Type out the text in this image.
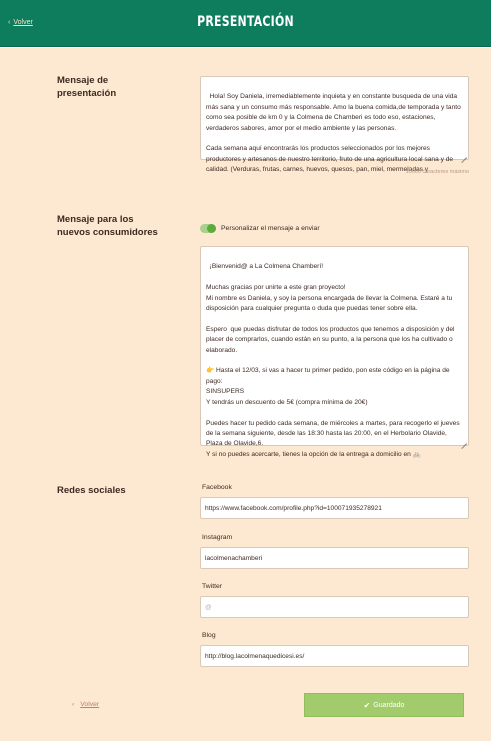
‹ Volver	PRESENTACIÓN
Mensaje de presentación	Hola! Soy Daniela, irremediablemente inquieta y en constante busqueda de una vida más sana y un consumo más responsable. Amo la buena comida,de temporada y tanto como sea posible de km 0 y la Colmena de Chamberi es todo eso, estaciones, verdaderos sabores, amor por el medio ambiente y las personas.

Cada semana aquí encontrarás los productos seleccionados por los mejores productores y artesanos de nuestro territorio, fruto de una agricultura local sana y de calidad. (Verduras, frutas, carnes, huevos, quesos, pan, miel, mermeladas y

10000 caracteres máximo
Mensaje para los nuevos consumidores	Personalizar el mensaje a enviar

¡Bienvenid@ a La Colmena Chamberí!

Muchas gracias por unirte a este gran proyecto!
Mi nombre es Daniela, y soy la persona encargada de llevar la Colmena. Estaré a tu disposición para cualquier pregunta o duda que puedas tener sobre ella.

Espero  que puedas disfrutar de todos los productos que tenemos a disposición y del placer de comprarlos, cuando están en su punto, a la persona que los ha cultivado o elaborado.

👉 Hasta el 12/03, si vas a hacer tu primer pedido, pon este código en la página de pago:
SINSUPERS
Y tendrás un descuento de 5€ (compra mínima de 20€)

Puedes hacer tu pedido cada semana, de miércoles a martes, para recogerlo el jueves de la semana siguiente, desde las 18:30 hasta las 20:00, en el Herbolario Olavide, Plaza de Olavide,6.
Y si no puedes acercarte, tienes la opción de la entrega a domicilio en 🚲

Redes sociales	Facebook
https://www.facebook.com/profile.php?id=100071935278921
Instagram
lacolmenachamberi
Twitter
@
Blog
http://blog.lacolmenaquedicesi.es/
‹ Volver	✔ Guardado
